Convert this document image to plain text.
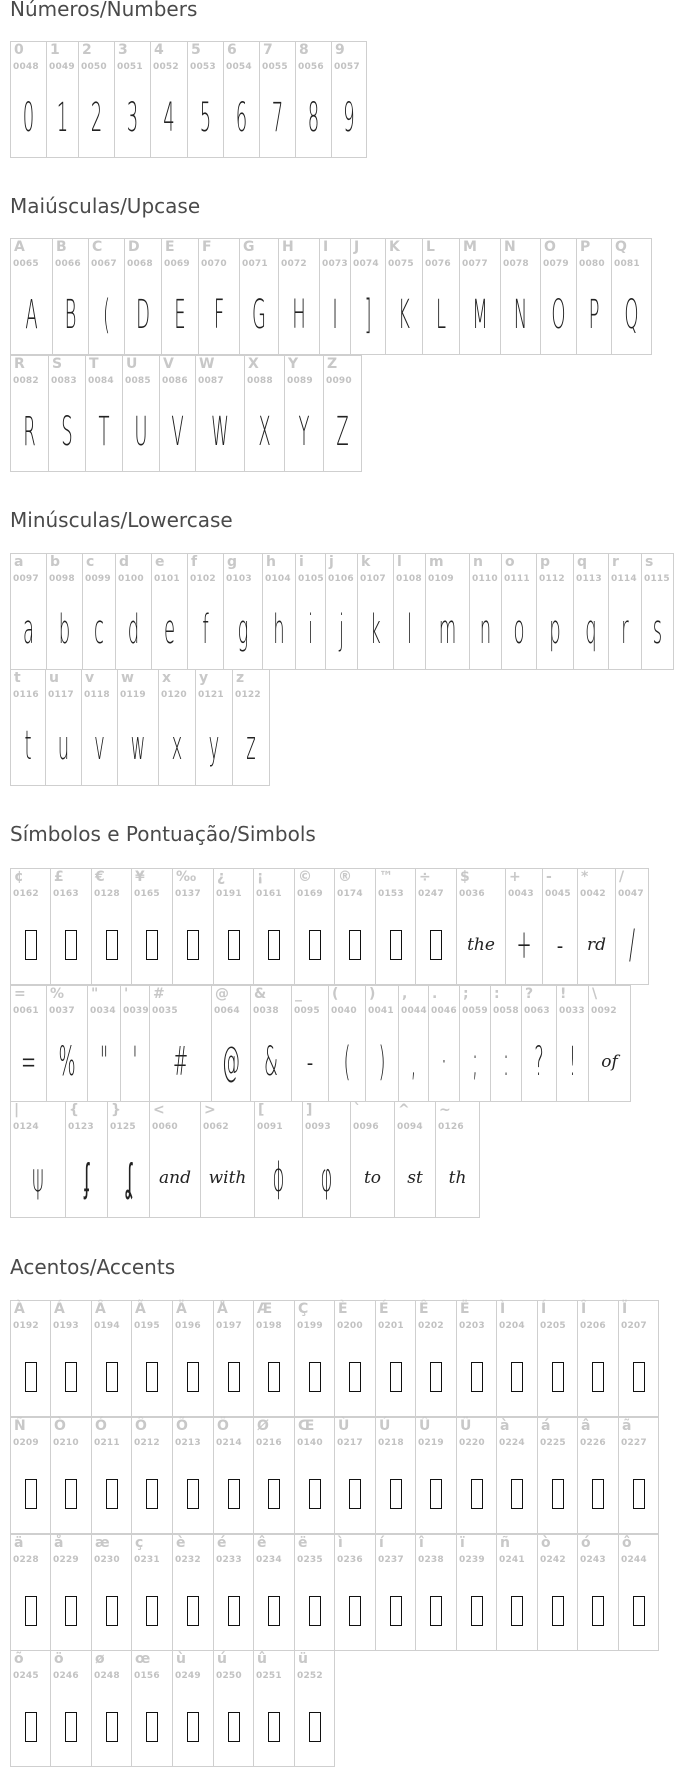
Números/Numbers
0
0048
0
1
0049
1
2
0050
2
3
0051
3
4
0052
4
5
0053
5
6
0054
6
7
0055
7
8
0056
8
9
0057
9
Maiúsculas/Upcase
A
0065
A
B
0066
B
C
0067
(
D
0068
D
E
0069
E
F
0070
F
G
0071
G
H
0072
H
I
0073
I
J
0074
]
K
0075
K
L
0076
L
M
0077
M
N
0078
N
O
0079
O
P
0080
P
Q
0081
Q
R
0082
R
S
0083
S
T
0084
T
U
0085
U
V
0086
V
W
0087
W
X
0088
X
Y
0089
Y
Z
0090
Z
Minúsculas/Lowercase
a
0097
a
b
0098
b
c
0099
c
d
0100
d
e
0101
e
f
0102
f
g
0103
g
h
0104
h
i
0105
i
j
0106
j
k
0107
k
l
0108
l
m
0109
m
n
0110
n
o
0111
o
p
0112
p
q
0113
q
r
0114
r
s
0115
s
t
0116
t
u
0117
u
v
0118
v
w
0119
w
x
0120
x
y
0121
y
z
0122
z
Símbolos e Pontuação/Simbols
¢
0162
£
0163
€
0128
¥
0165
‰
0137
¿
0191
¡
0161
©
0169
®
0174
™
0153
÷
0247
$
0036
the
+
0043
+
-
0045
-
*
0042
rd
/
0047
/
=
0061
=
%
0037
%
"
0034
"
'
0039
'
#
0035
#
@
0064
@
&
0038
&
_
0095
-
(
0040
(
)
0041
)
,
0044
,
.
0046
·
;
0059
;
:
0058
:
?
0063
?
!
0033
!
\
0092
of
|
0124
ψ
{
0123
ʄ
}
0125
ʆ
<
0060
and
>
0062
with
[
0091
ɸ
]
0093
φ
`
0096
to
^
0094
st
~
0126
th
Acentos/Accents
À
0192
Á
0193
Â
0194
Ã
0195
Ä
0196
Å
0197
Æ
0198
Ç
0199
È
0200
É
0201
Ê
0202
Ë
0203
Ì
0204
Í
0205
Î
0206
Ï
0207
Ñ
0209
Ò
0210
Ó
0211
Ô
0212
Õ
0213
Ö
0214
Ø
0216
Œ
0140
Ù
0217
Ú
0218
Û
0219
Ü
0220
à
0224
á
0225
â
0226
ã
0227
ä
0228
å
0229
æ
0230
ç
0231
è
0232
é
0233
ê
0234
ë
0235
ì
0236
í
0237
î
0238
ï
0239
ñ
0241
ò
0242
ó
0243
ô
0244
õ
0245
ö
0246
ø
0248
œ
0156
ù
0249
ú
0250
û
0251
ü
0252
